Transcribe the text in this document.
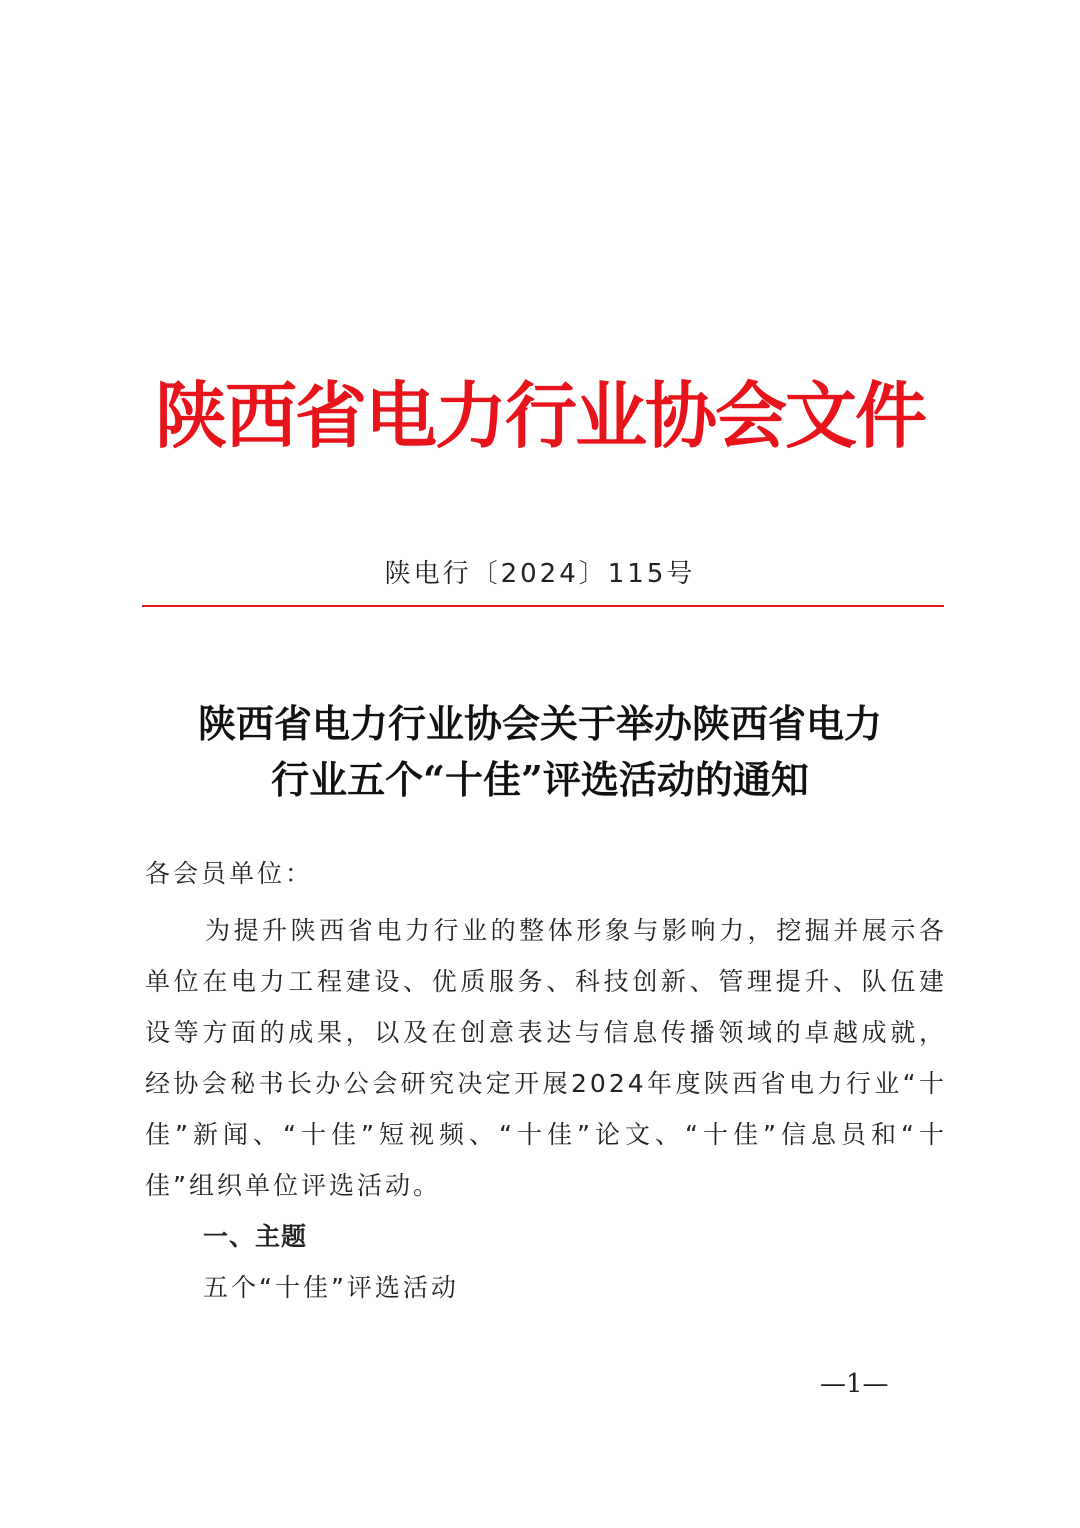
陕西省电力行业协会文件
陕电行〔2024〕115号
陕西省电力行业协会关于举办陕西省电力
行业五个“十佳”评选活动的通知

各会员单位：

为提升陕西省电力行业的整体形象与影响力，挖掘并展示各单位在电力工程建设、优质服务、科技创新、管理提升、队伍建设等方面的成果，以及在创意表达与信息传播领域的卓越成就，经协会秘书长办公会研究决定开展2024年度陕西省电力行业“十佳”新闻、“十佳”短视频、“十佳”论文、“十佳”信息员和“十佳”组织单位评选活动。

一、主题

五个“十佳”评选活动

—1—
